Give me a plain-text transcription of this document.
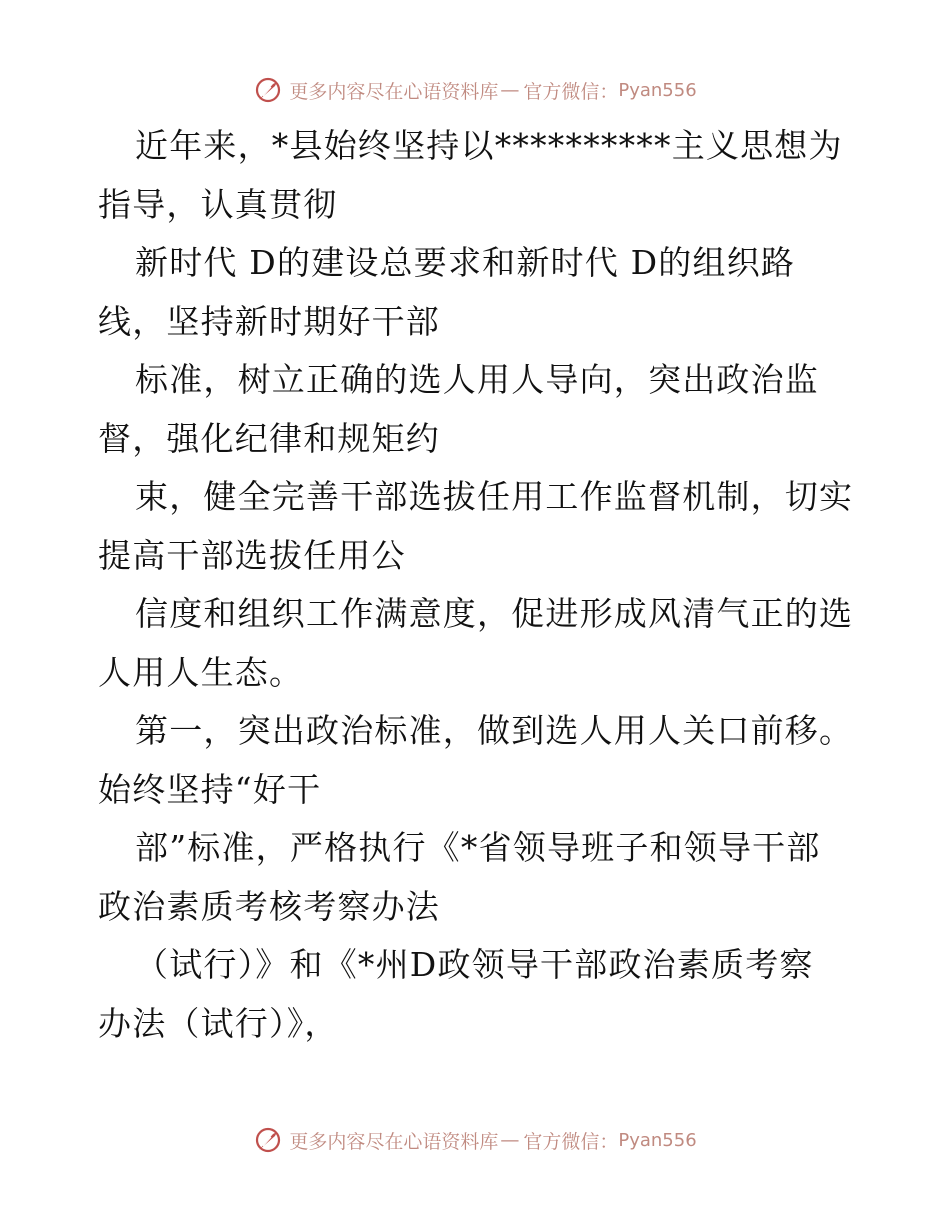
更多内容尽在心语资料库 — 官方微信： Pyan556
近年来，*县始终坚持以**********主义思想为
指导，认真贯彻
新时代 D的建设总要求和新时代 D的组织路
线，坚持新时期好干部
标准，树立正确的选人用人导向，突出政治监
督，强化纪律和规矩约
束，健全完善干部选拔任用工作监督机制，切实
提高干部选拔任用公
信度和组织工作满意度，促进形成风清气正的选
人用人生态。
第一，突出政治标准，做到选人用人关口前移。
始终坚持“好干
部”标准，严格执行《*省领导班子和领导干部
政治素质考核考察办法
（试行）》和《*州D政领导干部政治素质考察
办法（试行）》，
更多内容尽在心语资料库 — 官方微信： Pyan556
